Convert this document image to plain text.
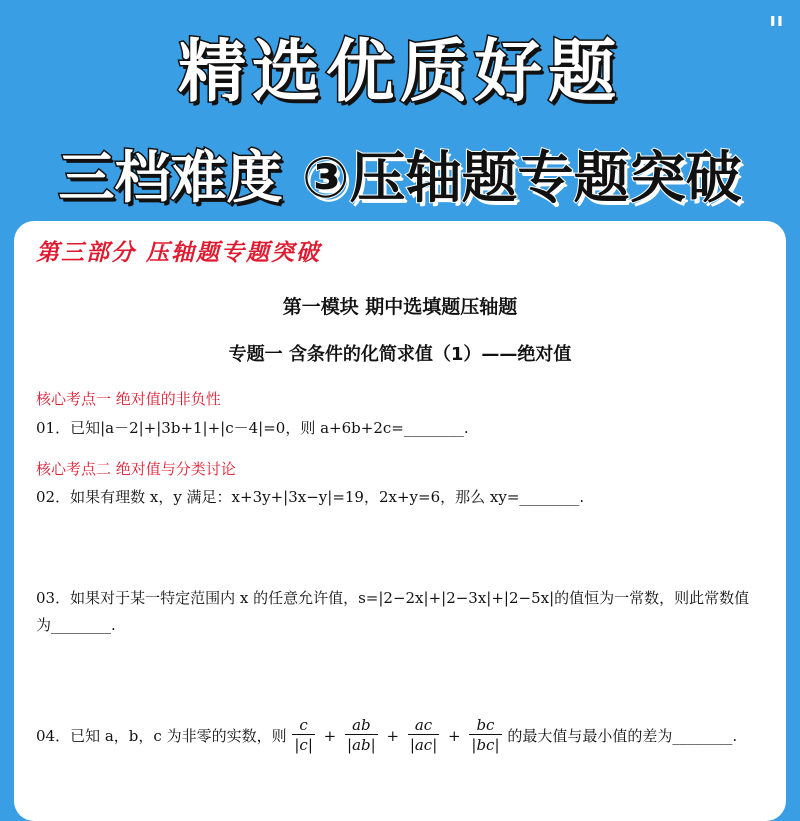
ıı
精选优质好题
三档难度 ③压轴题专题突破
第三部分 压轴题专题突破
第一模块 期中选填题压轴题
专题一 含条件的化简求值（1）——绝对值
核心考点一 绝对值的非负性
01．已知|a－2|+|3b+1|+|c－4|=0，则 a+6b+2c=________.
核心考点二 绝对值与分类讨论
02．如果有理数 x，y 满足：x+3y+|3x−y|=19，2x+y=6，那么 xy=________.
03．如果对于某一特定范围内 x 的任意允许值，s=|2−2x|+|2−3x|+|2−5x|的值恒为一常数，则此常数值
为________.
04．已知 a，b，c 为非零的实数，则 $\frac{c}{|c|} + \frac{ab}{|ab|} + \frac{ac}{|ac|} + \frac{bc}{|bc|}$ 的最大值与最小值的差为________.
